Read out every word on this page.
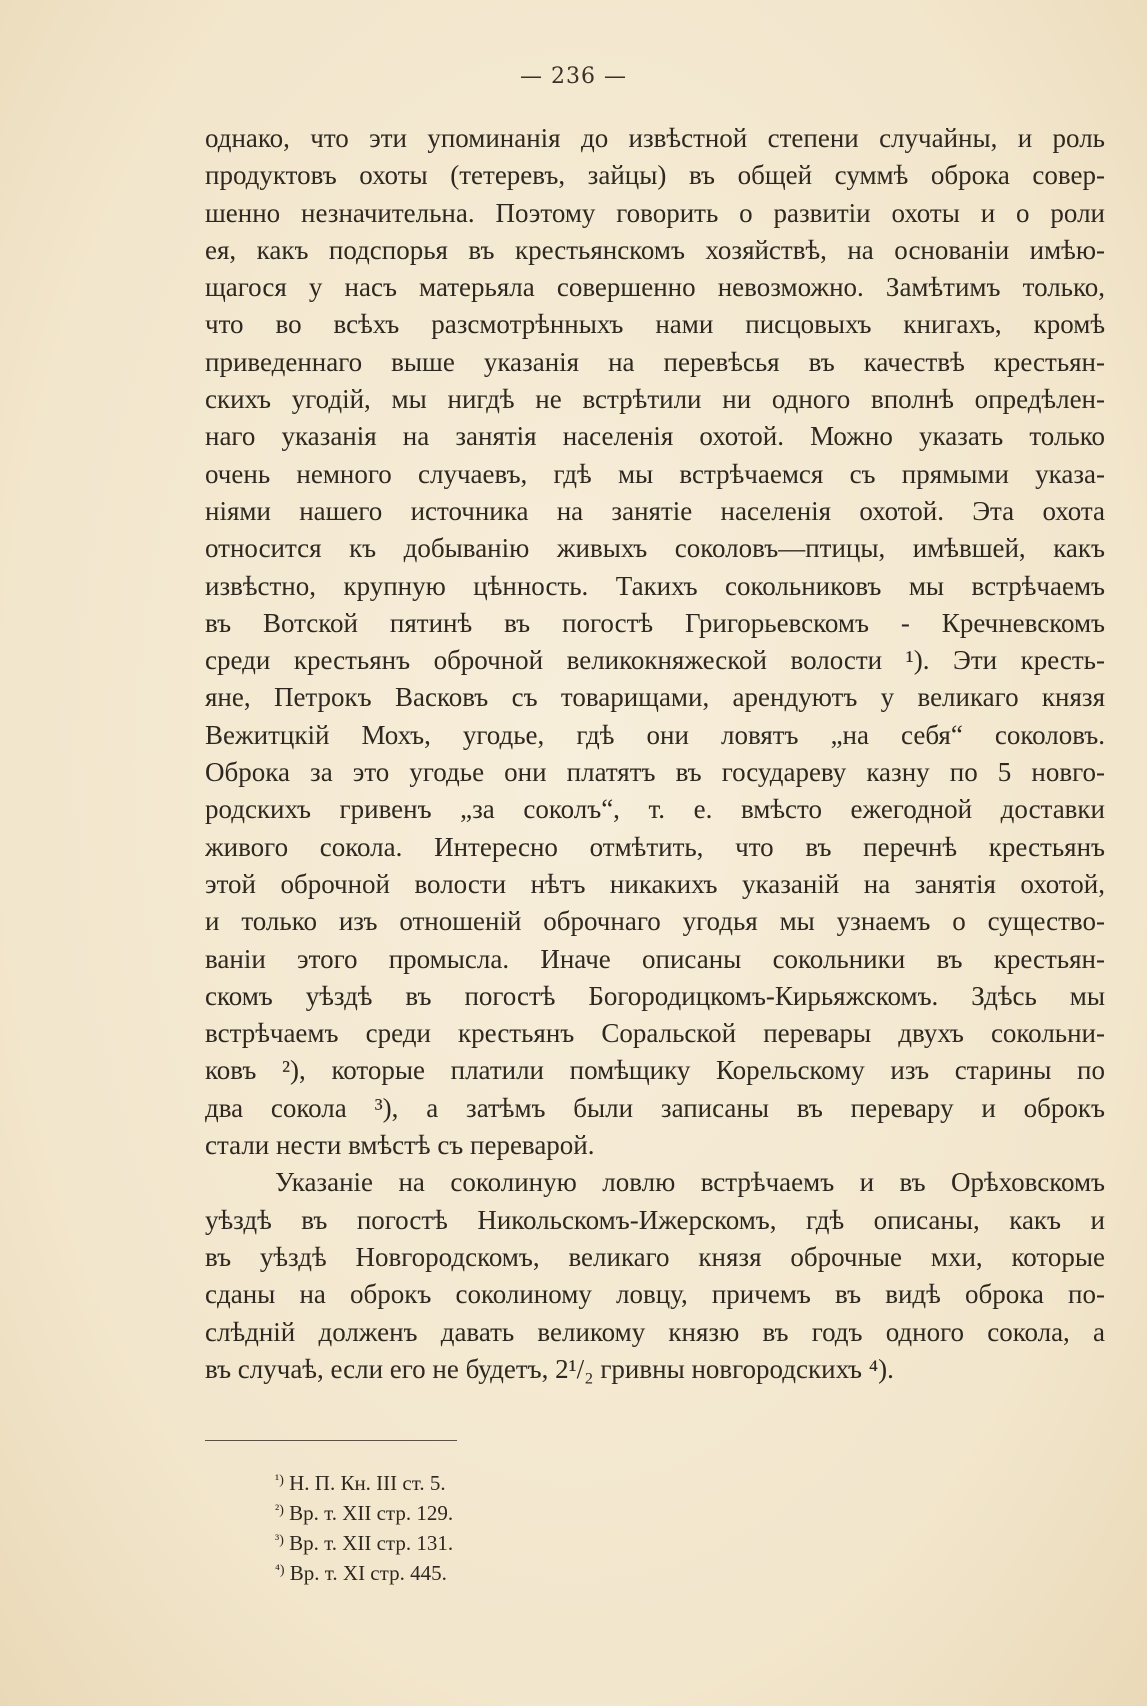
— 236 —
однако, что эти упоминанія до извѣстной степени случайны, и роль
продуктовъ охоты (тетеревъ, зайцы) въ общей суммѣ оброка совер-
шенно незначительна. Поэтому говорить о развитіи охоты и о роли
ея, какъ подспорья въ крестьянскомъ хозяйствѣ, на основаніи имѣю-
щагося у насъ матерьяла совершенно невозможно. Замѣтимъ только,
что во всѣхъ разсмотрѣнныхъ нами писцовыхъ книгахъ, кромѣ
приведеннаго выше указанія на перевѣсья въ качествѣ крестьян-
скихъ угодій, мы нигдѣ не встрѣтили ни одного вполнѣ опредѣлен-
наго указанія на занятія населенія охотой. Можно указать только
очень немного случаевъ, гдѣ мы встрѣчаемся съ прямыми указа-
ніями нашего источника на занятіе населенія охотой. Эта охота
относится къ добыванію живыхъ соколовъ—птицы, имѣвшей, какъ
извѣстно, крупную цѣнность. Такихъ сокольниковъ мы встрѣчаемъ
въ Вотской пятинѣ въ погостѣ Григорьевскомъ - Кречневскомъ
среди крестьянъ оброчной великокняжеской волости ¹). Эти кресть-
яне, Петрокъ Васковъ съ товарищами, арендуютъ у великаго князя
Вежитцкій Мохъ, угодье, гдѣ они ловятъ „на себя“ соколовъ.
Оброка за это угодье они платятъ въ государеву казну по 5 новго-
родскихъ гривенъ „за соколъ“, т. е. вмѣсто ежегодной доставки
живого сокола. Интересно отмѣтить, что въ перечнѣ крестьянъ
этой оброчной волости нѣтъ никакихъ указаній на занятія охотой,
и только изъ отношеній оброчнаго угодья мы узнаемъ о существо-
ваніи этого промысла. Иначе описаны сокольники въ крестьян-
скомъ уѣздѣ въ погостѣ Богородицкомъ-Кирьяжскомъ. Здѣсь мы
встрѣчаемъ среди крестьянъ Соральской перевары двухъ сокольни-
ковъ ²), которые платили помѣщику Корельскому изъ старины по
два сокола ³), а затѣмъ были записаны въ перевару и оброкъ
стали нести вмѣстѣ съ переварой.
Указаніе на соколиную ловлю встрѣчаемъ и въ Орѣховскомъ
уѣздѣ въ погостѣ Никольскомъ-Ижерскомъ, гдѣ описаны, какъ и
въ уѣздѣ Новгородскомъ, великаго князя оброчные мхи, которые
сданы на оброкъ соколиному ловцу, причемъ въ видѣ оброка по-
слѣдній долженъ давать великому князю въ годъ одного сокола, а
въ случаѣ, если его не будетъ, 2¹/₂ гривны новгородскихъ ⁴).
$^{^1)}$ Н. П. Кн. III ст. 5.
$^{^2)}$ Вр. т. XII стр. 129.
$^{^3)}$ Вр. т. XII стр. 131.
$^{^4)}$ Вр. т. XI стр. 445.
